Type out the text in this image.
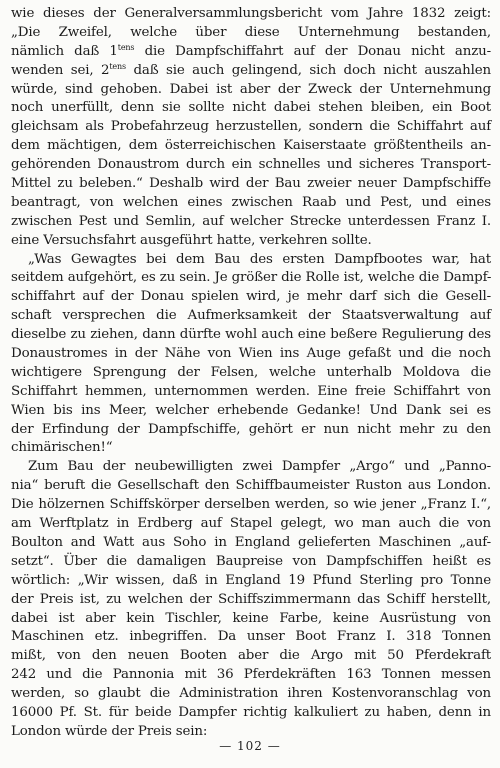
wie dieses der Generalversammlungsbericht vom Jahre 1832 zeigt:
„Die Zweifel, welche über diese Unternehmung bestanden,
nämlich daß $1^{tens}$ die Dampfschiffahrt auf der Donau nicht anzu-
wenden sei, $2^{tens}$ daß sie auch gelingend, sich doch nicht auszahlen
würde, sind gehoben. Dabei ist aber der Zweck der Unternehmung
noch unerfüllt, denn sie sollte nicht dabei stehen bleiben, ein Boot
gleichsam als Probefahrzeug herzustellen, sondern die Schiffahrt auf
dem mächtigen, dem österreichischen Kaiserstaate größtentheils an-
gehörenden Donaustrom durch ein schnelles und sicheres Transport-
Mittel zu beleben.“ Deshalb wird der Bau zweier neuer Dampfschiffe
beantragt, von welchen eines zwischen Raab und Pest, und eines
zwischen Pest und Semlin, auf welcher Strecke unterdessen Franz I.
eine Versuchsfahrt ausgeführt hatte, verkehren sollte.
„Was Gewagtes bei dem Bau des ersten Dampfbootes war, hat
seitdem aufgehört, es zu sein. Je größer die Rolle ist, welche die Dampf-
schiffahrt auf der Donau spielen wird, je mehr darf sich die Gesell-
schaft versprechen die Aufmerksamkeit der Staatsverwaltung auf
dieselbe zu ziehen, dann dürfte wohl auch eine beßere Regulierung des
Donaustromes in der Nähe von Wien ins Auge gefaßt und die noch
wichtigere Sprengung der Felsen, welche unterhalb Moldova die
Schiffahrt hemmen, unternommen werden. Eine freie Schiffahrt von
Wien bis ins Meer, welcher erhebende Gedanke! Und Dank sei es
der Erfindung der Dampfschiffe, gehört er nun nicht mehr zu den
chimärischen!“
Zum Bau der neubewilligten zwei Dampfer „Argo“ und „Panno-
nia“ beruft die Gesellschaft den Schiffbaumeister Ruston aus London.
Die hölzernen Schiffskörper derselben werden, so wie jener „Franz I.“,
am Werftplatz in Erdberg auf Stapel gelegt, wo man auch die von
Boulton and Watt aus Soho in England gelieferten Maschinen „auf-
setzt“. Über die damaligen Baupreise von Dampfschiffen heißt es
wörtlich: „Wir wissen, daß in England 19 Pfund Sterling pro Tonne
der Preis ist, zu welchen der Schiffszimmermann das Schiff herstellt,
dabei ist aber kein Tischler, keine Farbe, keine Ausrüstung von
Maschinen etz. inbegriffen. Da unser Boot Franz I. 318 Tonnen
mißt, von den neuen Booten aber die Argo mit 50 Pferdekraft
242 und die Pannonia mit 36 Pferdekräften 163 Tonnen messen
werden, so glaubt die Administration ihren Kostenvoranschlag von
16000 Pf. St. für beide Dampfer richtig kalkuliert zu haben, denn in
London würde der Preis sein:
— 102 —
